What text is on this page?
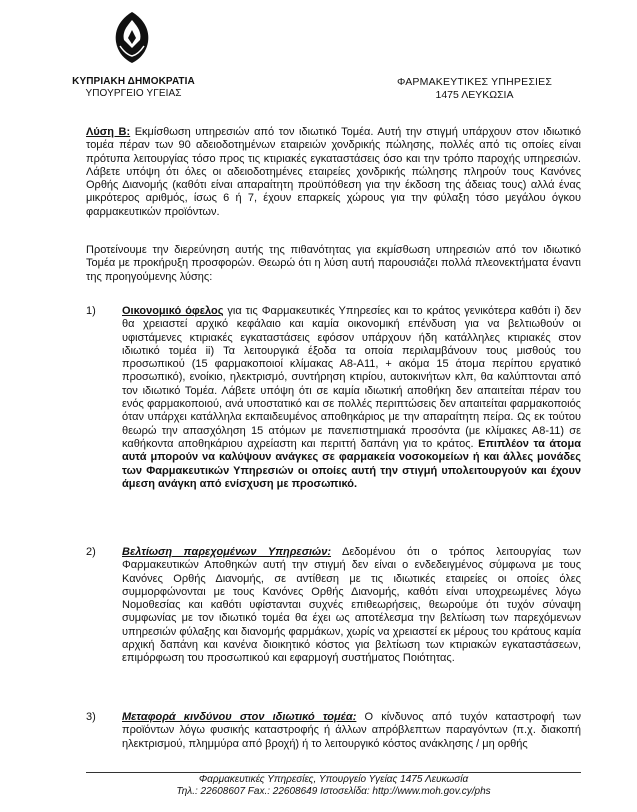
ΚΥΠΡΙΑΚΗ ΔΗΜΟΚΡΑΤΙΑ
ΥΠΟΥΡΓΕΙΟ ΥΓΕΙΑΣ
ΦΑΡΜΑΚΕΥΤΙΚΕΣ ΥΠΗΡΕΣΙΕΣ
1475 ΛΕΥΚΩΣΙΑ
Λύση Β: Εκμίσθωση υπηρεσιών από τον ιδιωτικό Τομέα. Αυτή την στιγμή υπάρχουν στον ιδιωτικό τομέα πέραν των 90 αδειοδοτημένων εταιρειών χονδρικής πώλησης, πολλές από τις οποίες είναι πρότυπα λειτουργίας τόσο προς τις κτιριακές εγκαταστάσεις όσο και την τρόπο παροχής υπηρεσιών. Λάβετε υπόψη ότι όλες οι αδειοδοτημένες εταιρείες χονδρικής πώλησης πληρούν τους Κανόνες Ορθής Διανομής (καθότι είναι απαραίτητη προϋπόθεση για την έκδοση της άδειας τους) αλλά ένας μικρότερος αριθμός, ίσως 6 ή 7, έχουν επαρκείς χώρους για την φύλαξη τόσο μεγάλου όγκου φαρμακευτικών προϊόντων.
Προτείνουμε την διερεύνηση αυτής της πιθανότητας για εκμίσθωση υπηρεσιών από τον ιδιωτικό Τομέα με προκήρυξη προσφορών. Θεωρώ ότι η λύση αυτή παρουσιάζει πολλά πλεονεκτήματα έναντι της προηγούμενης λύσης:
1)	Οικονομικό όφελος για τις Φαρμακευτικές Υπηρεσίες και το κράτος γενικότερα καθότι i) δεν θα χρειαστεί αρχικό κεφάλαιο και καμία οικονομική επένδυση για να βελτιωθούν οι υφιστάμενες κτιριακές εγκαταστάσεις εφόσον υπάρχουν ήδη κατάλληλες κτιριακές στον ιδιωτικό τομέα ii) Τα λειτουργικά έξοδα τα οποία περιλαμβάνουν τους μισθούς του προσωπικού (15 φαρμακοποιοί κλίμακας Α8-Α11, + ακόμα 15 άτομα περίπου εργατικό προσωπικό), ενοίκιο, ηλεκτρισμό, συντήρηση κτιρίου, αυτοκινήτων κλπ, θα καλύπτονται από τον ιδιωτικό Τομέα. Λάβετε υπόψη ότι σε καμία ιδιωτική αποθήκη δεν απαιτείται πέραν του ενός φαρμακοποιού, ανά υποστατικό και σε πολλές περιπτώσεις δεν απαιτείται φαρμακοποιός όταν υπάρχει κατάλληλα εκπαιδευμένος αποθηκάριος με την απαραίτητη πείρα. Ως εκ τούτου θεωρώ την απασχόληση 15 ατόμων με πανεπιστημιακά προσόντα (με κλίμακες Α8-11) σε καθήκοντα αποθηκάριου αχρείαστη και περιττή δαπάνη για το κράτος. Επιπλέον τα άτομα αυτά μπορούν να καλύψουν ανάγκες σε φαρμακεία νοσοκομείων ή και άλλες μονάδες των Φαρμακευτικών Υπηρεσιών οι οποίες αυτή την στιγμή υπολειτουργούν και έχουν άμεση ανάγκη από ενίσχυση με προσωπικό.
2)	Βελτίωση παρεχομένων Υπηρεσιών: Δεδομένου ότι ο τρόπος λειτουργίας των Φαρμακευτικών Αποθηκών αυτή την στιγμή δεν είναι ο ενδεδειγμένος σύμφωνα με τους Κανόνες Ορθής Διανομής, σε αντίθεση με τις ιδιωτικές εταιρείες οι οποίες όλες συμμορφώνονται με τους Κανόνες Ορθής Διανομής, καθότι είναι υποχρεωμένες λόγω Νομοθεσίας και καθότι υφίστανται συχνές επιθεωρήσεις, θεωρούμε ότι τυχόν σύναψη συμφωνίας με τον ιδιωτικό τομέα θα έχει ως αποτέλεσμα την βελτίωση των παρεχόμενων υπηρεσιών φύλαξης και διανομής φαρμάκων, χωρίς να χρειαστεί εκ μέρους του κράτους καμία αρχική δαπάνη και κανένα διοικητικό κόστος για βελτίωση των κτιριακών εγκαταστάσεων, επιμόρφωση του προσωπικού και εφαρμογή συστήματος Ποιότητας.
3)	Μεταφορά κινδύνου στον ιδιωτικό τομέα: Ο κίνδυνος από τυχόν καταστροφή των προϊόντων λόγω φυσικής καταστροφής ή άλλων απρόβλεπτων παραγόντων (π.χ. διακοπή ηλεκτρισμού, πλημμύρα από βροχή) ή το λειτουργικό κόστος ανάκλησης / μη ορθής
Φαρμακευτικές Υπηρεσίες, Υπουργείο Υγείας 1475 Λευκωσία
Τηλ.: 22608607 Fax.: 22608649 Ιστοσελίδα: http://www.moh.gov.cy/phs
